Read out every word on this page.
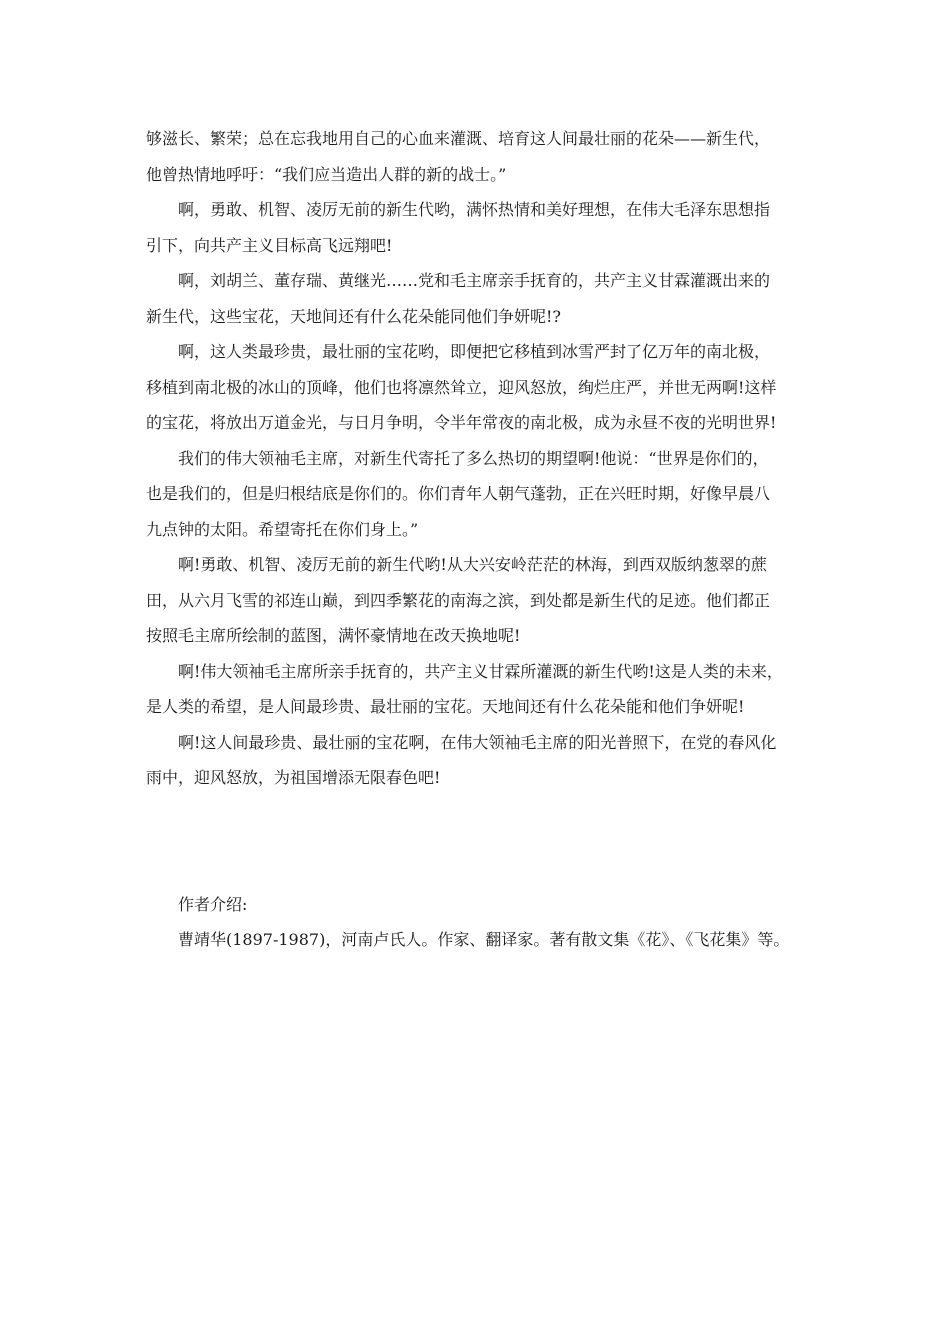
够滋长、繁荣；总在忘我地用自己的心血来灌溉、培育这人间最壮丽的花朵——新生代，
他曾热情地呼吁：“我们应当造出人群的新的战士。”
啊，勇敢、机智、凌厉无前的新生代哟，满怀热情和美好理想，在伟大毛泽东思想指
引下，向共产主义目标高飞远翔吧!
啊，刘胡兰、董存瑞、黄继光……党和毛主席亲手抚育的，共产主义甘霖灌溉出来的
新生代，这些宝花，天地间还有什么花朵能同他们争妍呢!?
啊，这人类最珍贵，最壮丽的宝花哟，即便把它移植到冰雪严封了亿万年的南北极，
移植到南北极的冰山的顶峰，他们也将凛然耸立，迎风怒放，绚烂庄严，并世无两啊!这样
的宝花，将放出万道金光，与日月争明，令半年常夜的南北极，成为永昼不夜的光明世界!
我们的伟大领袖毛主席，对新生代寄托了多么热切的期望啊!他说：“世界是你们的，
也是我们的，但是归根结底是你们的。你们青年人朝气蓬勃，正在兴旺时期，好像早晨八
九点钟的太阳。希望寄托在你们身上。”
啊!勇敢、机智、凌厉无前的新生代哟!从大兴安岭茫茫的林海，到西双版纳葱翠的蔗
田，从六月飞雪的祁连山巅，到四季繁花的南海之滨，到处都是新生代的足迹。他们都正
按照毛主席所绘制的蓝图，满怀豪情地在改天换地呢!
啊!伟大领袖毛主席所亲手抚育的，共产主义甘霖所灌溉的新生代哟!这是人类的未来，
是人类的希望，是人间最珍贵、最壮丽的宝花。天地间还有什么花朵能和他们争妍呢!
啊!这人间最珍贵、最壮丽的宝花啊，在伟大领袖毛主席的阳光普照下，在党的春风化
雨中，迎风怒放，为祖国增添无限春色吧!
作者介绍:
曹靖华(1897-1987)，河南卢氏人。作家、翻译家。著有散文集《花》、《飞花集》等。
